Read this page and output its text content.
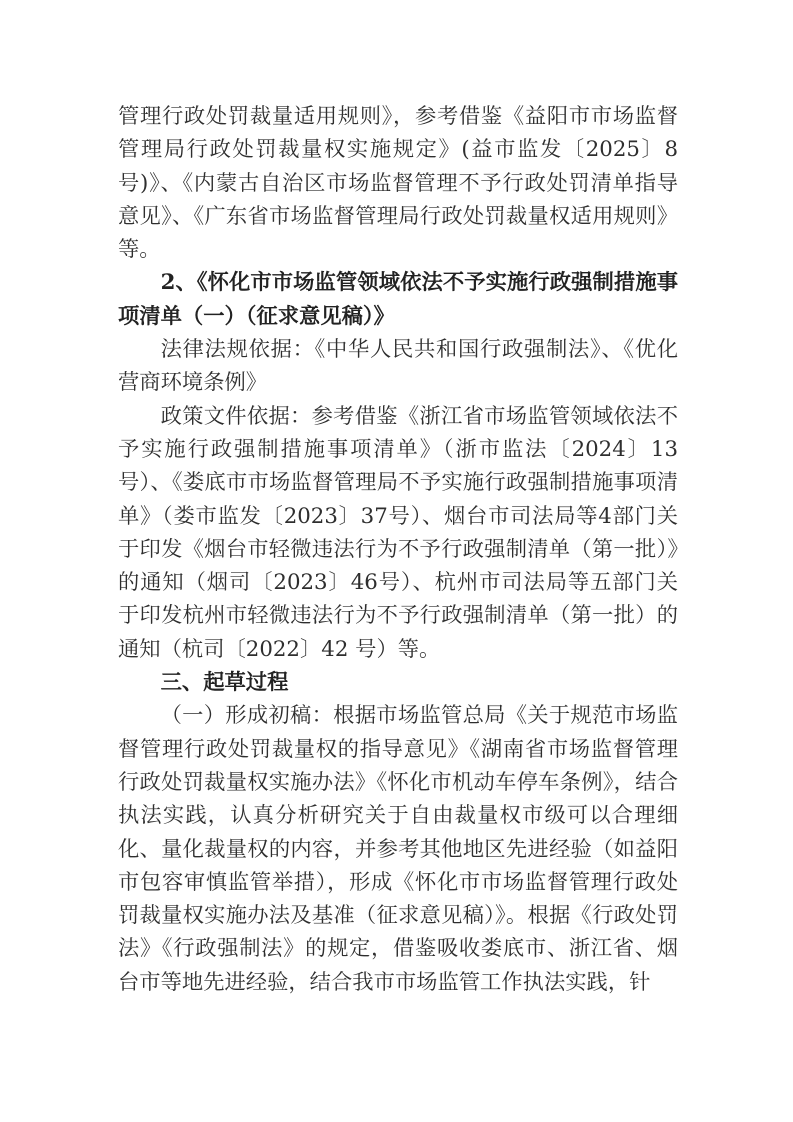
管理行政处罚裁量适用规则》，参考借鉴《益阳市市场监督管理局行政处罚裁量权实施规定》(益市监发〔2025〕8 号)》、《内蒙古自治区市场监督管理不予行政处罚清单指导意见》、《广东省市场监督管理局行政处罚裁量权适用规则》等。

2、《怀化市市场监管领域依法不予实施行政强制措施事项清单（一）（征求意见稿）》

法律法规依据：《中华人民共和国行政强制法》、《优化营商环境条例》

政策文件依据：参考借鉴《浙江省市场监管领域依法不予实施行政强制措施事项清单》（浙市监法〔2024〕13 号）、《娄底市市场监督管理局不予实施行政强制措施事项清单》（娄市监发〔2023〕37号）、烟台市司法局等4部门关于印发《烟台市轻微违法行为不予行政强制清单（第一批）》的通知（烟司〔2023〕46号）、杭州市司法局等五部门关于印发杭州市轻微违法行为不予行政强制清单（第一批）的通知（杭司〔2022〕42 号）等。

三、起草过程

（一）形成初稿：根据市场监管总局《关于规范市场监督管理行政处罚裁量权的指导意见》《湖南省市场监督管理行政处罚裁量权实施办法》《怀化市机动车停车条例》，结合执法实践，认真分析研究关于自由裁量权市级可以合理细化、量化裁量权的内容，并参考其他地区先进经验（如益阳市包容审慎监管举措），形成《怀化市市场监督管理行政处罚裁量权实施办法及基准（征求意见稿）》。根据《行政处罚法》《行政强制法》的规定，借鉴吸收娄底市、浙江省、烟台市等地先进经验，结合我市市场监管工作执法实践，针
